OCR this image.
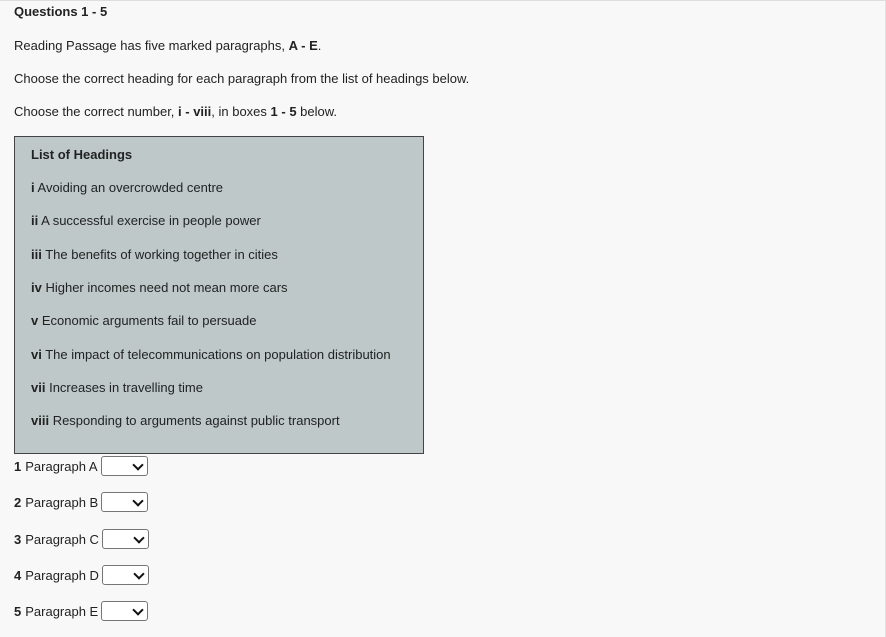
Questions 1 - 5
Reading Passage has five marked paragraphs, A - E.
Choose the correct heading for each paragraph from the list of headings below.
Choose the correct number, i - viii, in boxes 1 - 5 below.
List of Headings
i Avoiding an overcrowded centre
ii A successful exercise in people power
iii The benefits of working together in cities
iv Higher incomes need not mean more cars
v Economic arguments fail to persuade
vi The impact of telecommunications on population distribution
vii Increases in travelling time
viii Responding to arguments against public transport
1 Paragraph A
2 Paragraph B
3 Paragraph C
4 Paragraph D
5 Paragraph E
